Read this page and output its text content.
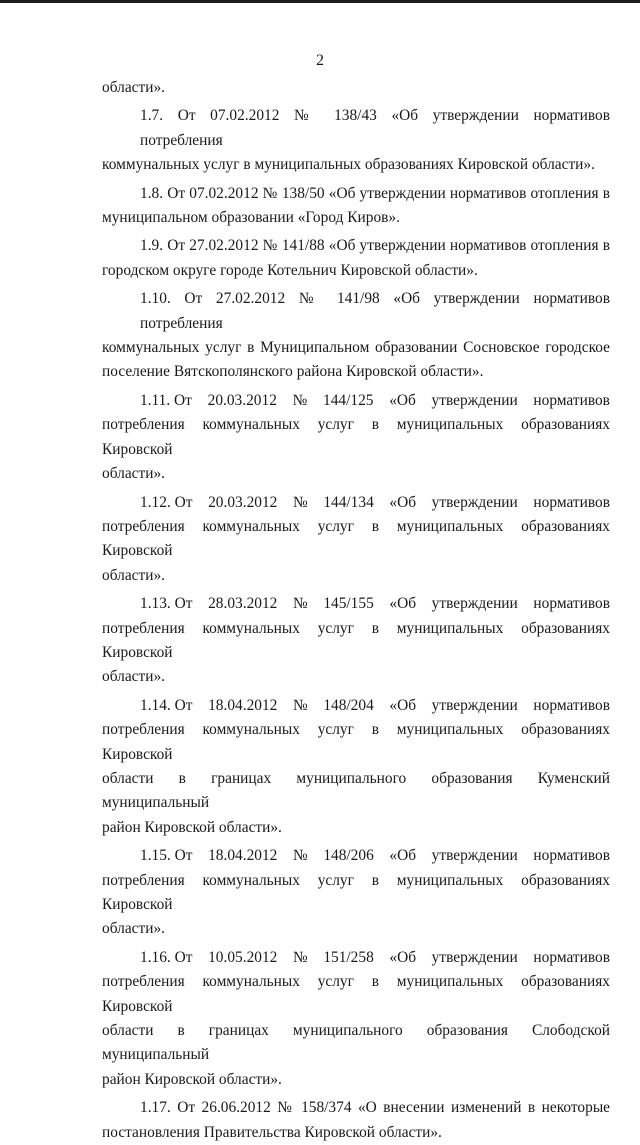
2
области».
1.7. От 07.02.2012 № 138/43 «Об утверждении нормативов потребления
коммунальных услуг в муниципальных образованиях Кировской области».
1.8. От 07.02.2012 № 138/50 «Об утверждении нормативов отопления в
муниципальном образовании «Город Киров».
1.9. От 27.02.2012 № 141/88 «Об утверждении нормативов отопления в
городском округе городе Котельнич Кировской области».
1.10. От 27.02.2012 № 141/98 «Об утверждении нормативов потребления
коммунальных услуг в Муниципальном образовании Сосновское городское
поселение Вятскополянского района Кировской области».
1.11. От 20.03.2012 № 144/125 «Об утверждении нормативов
потребления коммунальных услуг в муниципальных образованиях Кировской
области».
1.12. От 20.03.2012 № 144/134 «Об утверждении нормативов
потребления коммунальных услуг в муниципальных образованиях Кировской
области».
1.13. От 28.03.2012 № 145/155 «Об утверждении нормативов
потребления коммунальных услуг в муниципальных образованиях Кировской
области».
1.14. От 18.04.2012 № 148/204 «Об утверждении нормативов
потребления коммунальных услуг в муниципальных образованиях Кировской
области в границах муниципального образования Куменский муниципальный
район Кировской области».
1.15. От 18.04.2012 № 148/206 «Об утверждении нормативов
потребления коммунальных услуг в муниципальных образованиях Кировской
области».
1.16. От 10.05.2012 № 151/258 «Об утверждении нормативов
потребления коммунальных услуг в муниципальных образованиях Кировской
области в границах муниципального образования Слободской муниципальный
район Кировской области».
1.17. От 26.06.2012 № 158/374 «О внесении изменений в некоторые
постановления Правительства Кировской области».
